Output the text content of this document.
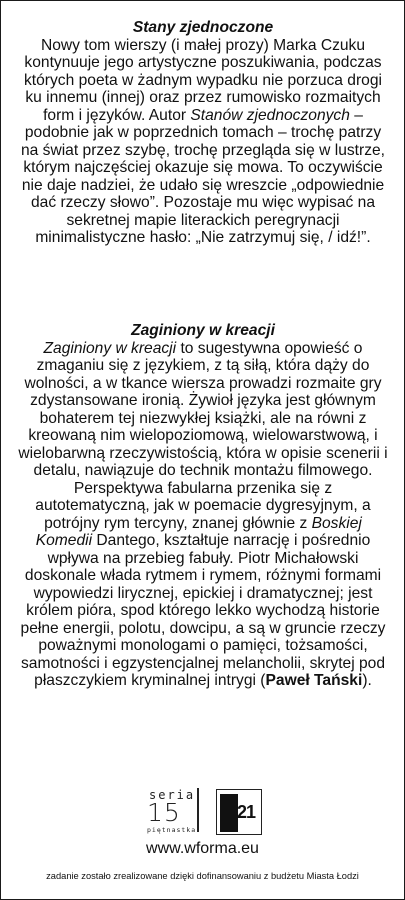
Stany zjednoczone
Nowy tom wierszy (i małej prozy) Marka Czuku kontynuuje jego artystyczne poszukiwania, podczas których poeta w żadnym wypadku nie porzuca drogi ku innemu (innej) oraz przez rumowisko rozmaitych form i języków. Autor Stanów zjednoczonych – podobnie jak w poprzednich tomach – trochę patrzy na świat przez szybę, trochę przegląda się w lustrze, którym najczęściej okazuje się mowa. To oczywiście nie daje nadziei, że udało się wreszcie „odpowiednie dać rzeczy słowo”. Pozostaje mu więc wypisać na sekretnej mapie literackich peregrynacji minimalistyczne hasło: „Nie zatrzymuj się, / idź!”.
Zaginiony w kreacji
Zaginiony w kreacji to sugestywna opowieść o zmaganiu się z językiem, z tą siłą, która dąży do wolności, a w tkance wiersza prowadzi rozmaite gry zdystansowane ironią. Żywioł języka jest głównym bohaterem tej niezwykłej książki, ale na równi z kreowaną nim wielopoziomową, wielowarstwową, i wielobarwną rzeczywistością, która w opisie scenerii i detalu, nawiązuje do technik montażu filmowego. Perspektywa fabularna przenika się z autotematyczną, jak w poemacie dygresyjnym, a potrójny rym tercyny, znanej głównie z Boskiej Komedii Dantego, kształtuje narrację i pośrednio wpływa na przebieg fabuły. Piotr Michałowski doskonale włada rytmem i rymem, różnymi formami wypowiedzi lirycznej, epickiej i dramatycznej; jest królem pióra, spod którego lekko wychodzą historie pełne energii, polotu, dowcipu, a są w gruncie rzeczy poważnymi monologami o pamięci, tożsamości, samotności i egzystencjalnej melancholii, skrytej pod płaszczykiem kryminalnej intrygi (Paweł Tański).
seria
15
piętnastka
21
www.wforma.eu
zadanie zostało zrealizowane dzięki dofinansowaniu z budżetu Miasta Łodzi
